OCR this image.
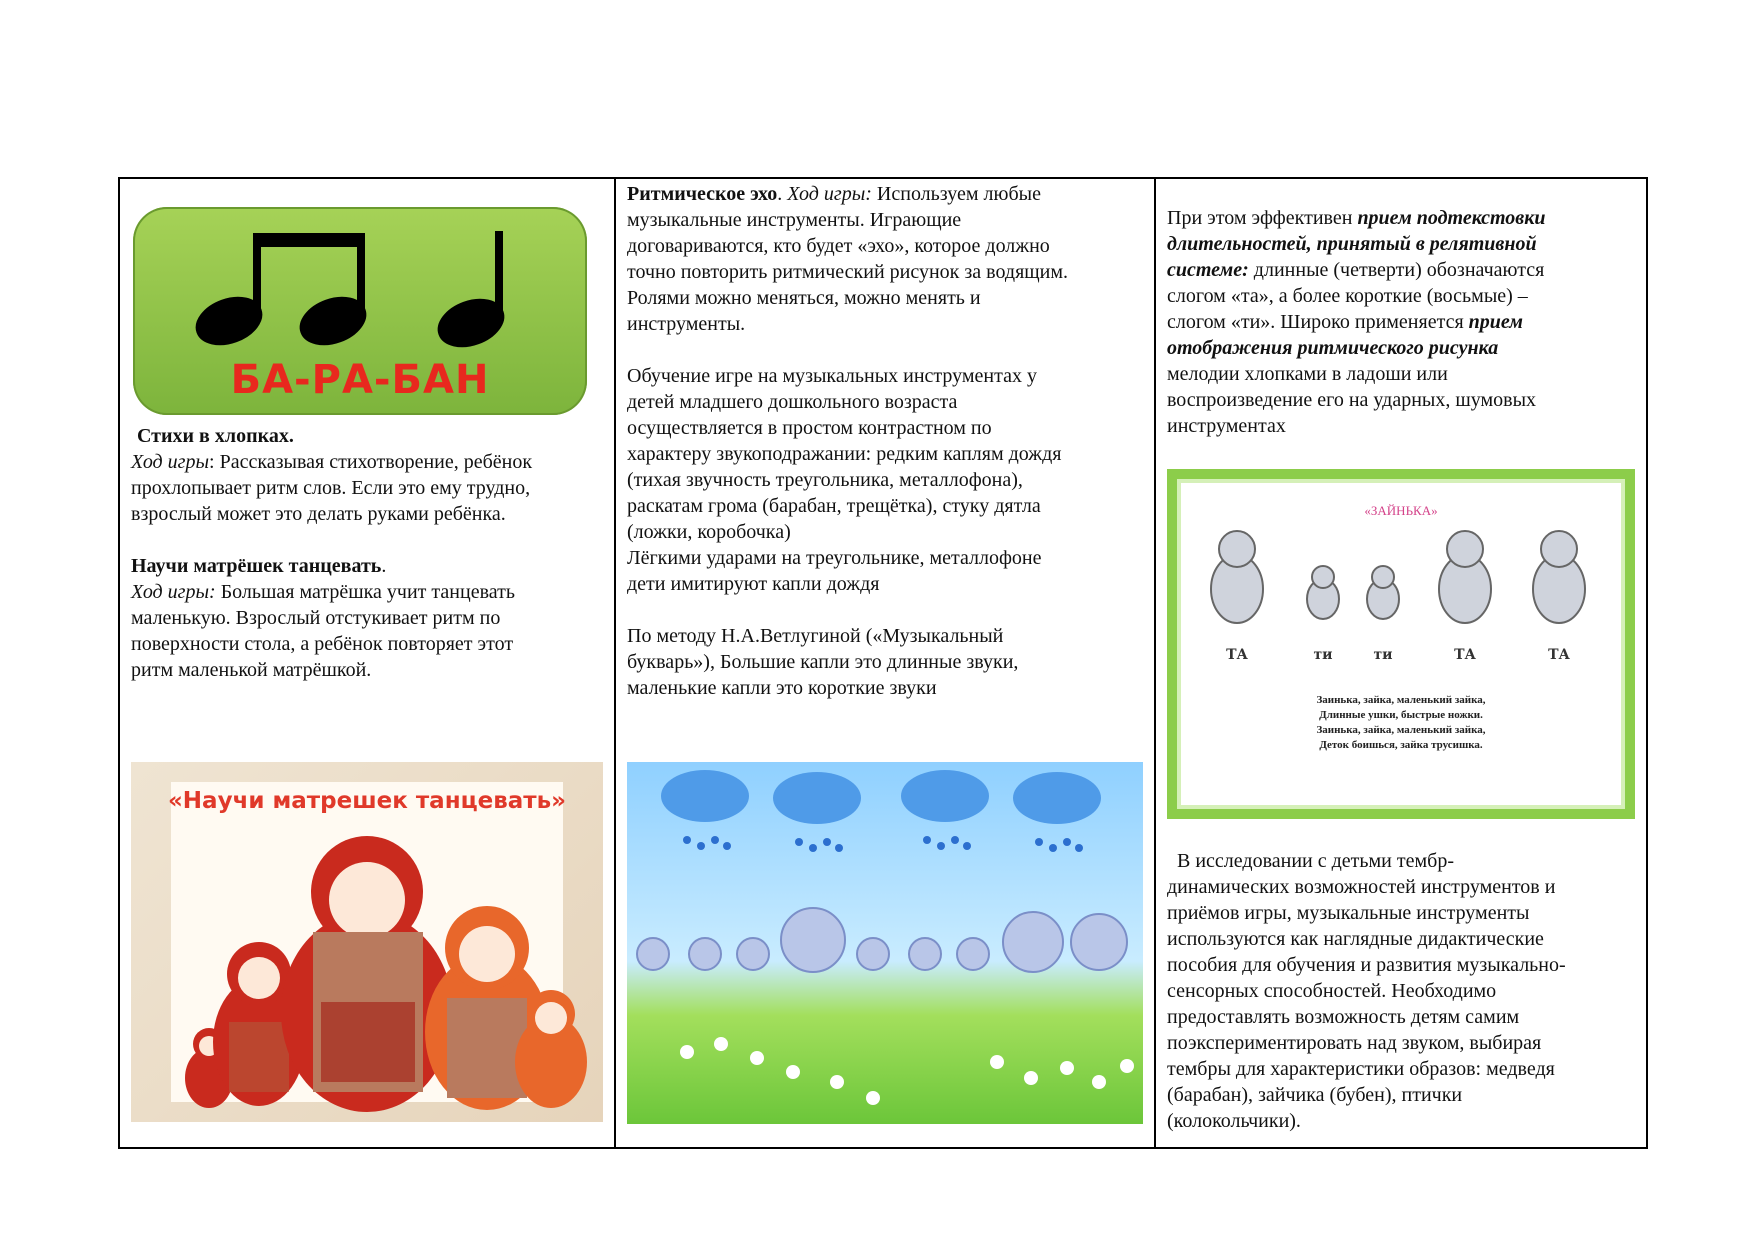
БА-РА-БАН

Стихи в хлопках.

Ход игры: Рассказывая стихотворение, ребёнок

прохлопывает ритм слов. Если это ему трудно,

взрослый может это делать руками ребёнка.

Научи матрёшек танцевать.

Ход игры: Большая матрёшка учит танцевать

маленькую. Взрослый отстукивает ритм по

поверхности стола, а ребёнок повторяет этот

ритм маленькой матрёшкой.

«Научи матрешек танцевать»

Ритмическое эхо. Ход игры: Используем любые

музыкальные инструменты. Играющие

договариваются, кто будет «эхо», которое должно

точно повторить ритмический рисунок за водящим.

Ролями можно меняться, можно менять и

инструменты.

Обучение игре на музыкальных инструментах у

детей младшего дошкольного возраста

осуществляется в простом контрастном по

характеру звукоподражании: редким каплям дождя

(тихая звучность треугольника, металлофона),

раскатам грома (барабан, трещётка), стуку дятла

(ложки, коробочка)

Лёгкими ударами на треугольнике, металлофоне

дети имитируют капли дождя

По методу Н.А.Ветлугиной («Музыкальный

букварь»), Большие капли это длинные звуки,

маленькие капли это короткие звуки

При этом эффективен прием подтекстовки

длительностей, принятый в релятивной

системе: длинные (четверти) обозначаются

слогом «та», а более короткие (восьмые) –

слогом «ти». Широко применяется прием

отображения ритмического рисунка

мелодии хлопками в ладоши или

воспроизведение его на ударных, шумовых

инструментах

«ЗАЙНЬКА»
ТА	ти	ти	ТА	ТА
Заинька, зайка, маленький зайка,
Длинные ушки, быстрые ножки.
Заинька, зайка, маленький зайка,
Деток боишься, зайка трусишка.

В исследовании с детьми тембр-

динамических возможностей инструментов и

приёмов игры, музыкальные инструменты

используются как наглядные дидактические

пособия для обучения и развития музыкально-

сенсорных способностей. Необходимо

предоставлять возможность детям самим

поэкспериментировать над звуком, выбирая

тембры для характеристики образов: медведя

(барабан), зайчика (бубен), птички

(колокольчики).
